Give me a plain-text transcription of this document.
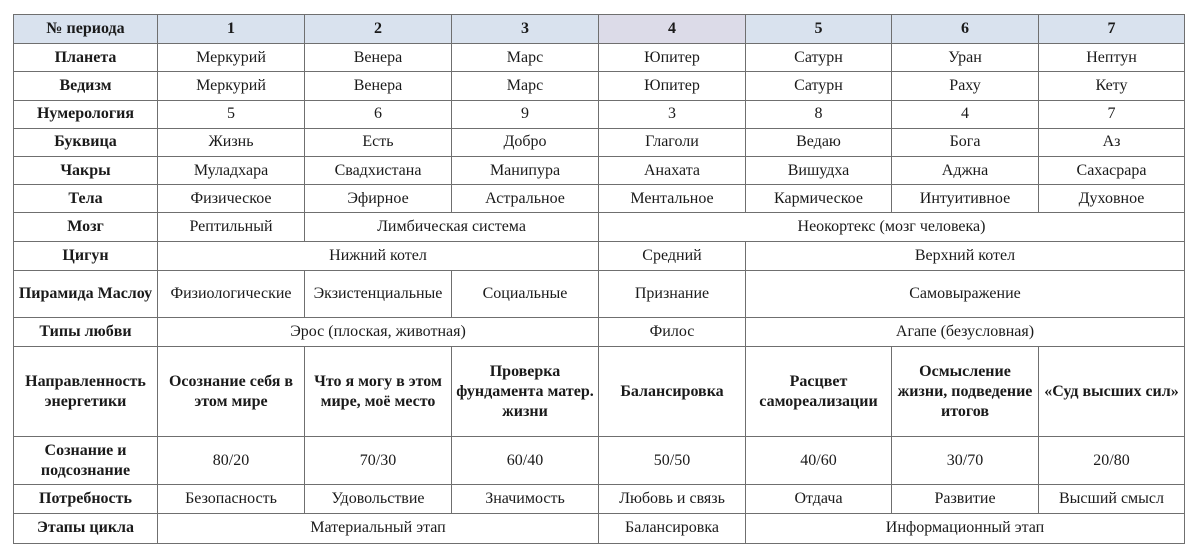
№ периода	1	2	3	4	5	6	7
Планета	Меркурий	Венера	Марс	Юпитер	Сатурн	Уран	Нептун
Ведизм	Меркурий	Венера	Марс	Юпитер	Сатурн	Раху	Кету
Нумерология	5	6	9	3	8	4	7
Буквица	Жизнь	Есть	Добро	Глаголи	Ведаю	Бога	Аз
Чакры	Муладхара	Свадхистана	Манипура	Анахата	Вишудха	Аджна	Сахасрара
Тела	Физическое	Эфирное	Астральное	Ментальное	Кармическое	Интуитивное	Духовное
Мозг	Рептильный	Лимбическая система		Неокортекс (мозг человека)			
Цигун	Нижний котел			Средний	Верхний котел		
Пирамида Маслоу	Физиологические	Экзистенциальные	Социальные	Признание	Самовыражение		
Типы любви	Эрос (плоская, животная)			Филос	Агапе (безусловная)		
Направленность энергетики	Осознание себя в этом мире	Что я могу в этом мире, моё место	Проверка фундамента матер. жизни	Балансировка	Расцвет самореализации	Осмысление жизни, подведение итогов	«Суд высших сил»
Сознание и подсознание	80/20	70/30	60/40	50/50	40/60	30/70	20/80
Потребность	Безопасность	Удовольствие	Значимость	Любовь и связь	Отдача	Развитие	Высший смысл
Этапы цикла	Материальный этап			Балансировка	Информационный этап		
